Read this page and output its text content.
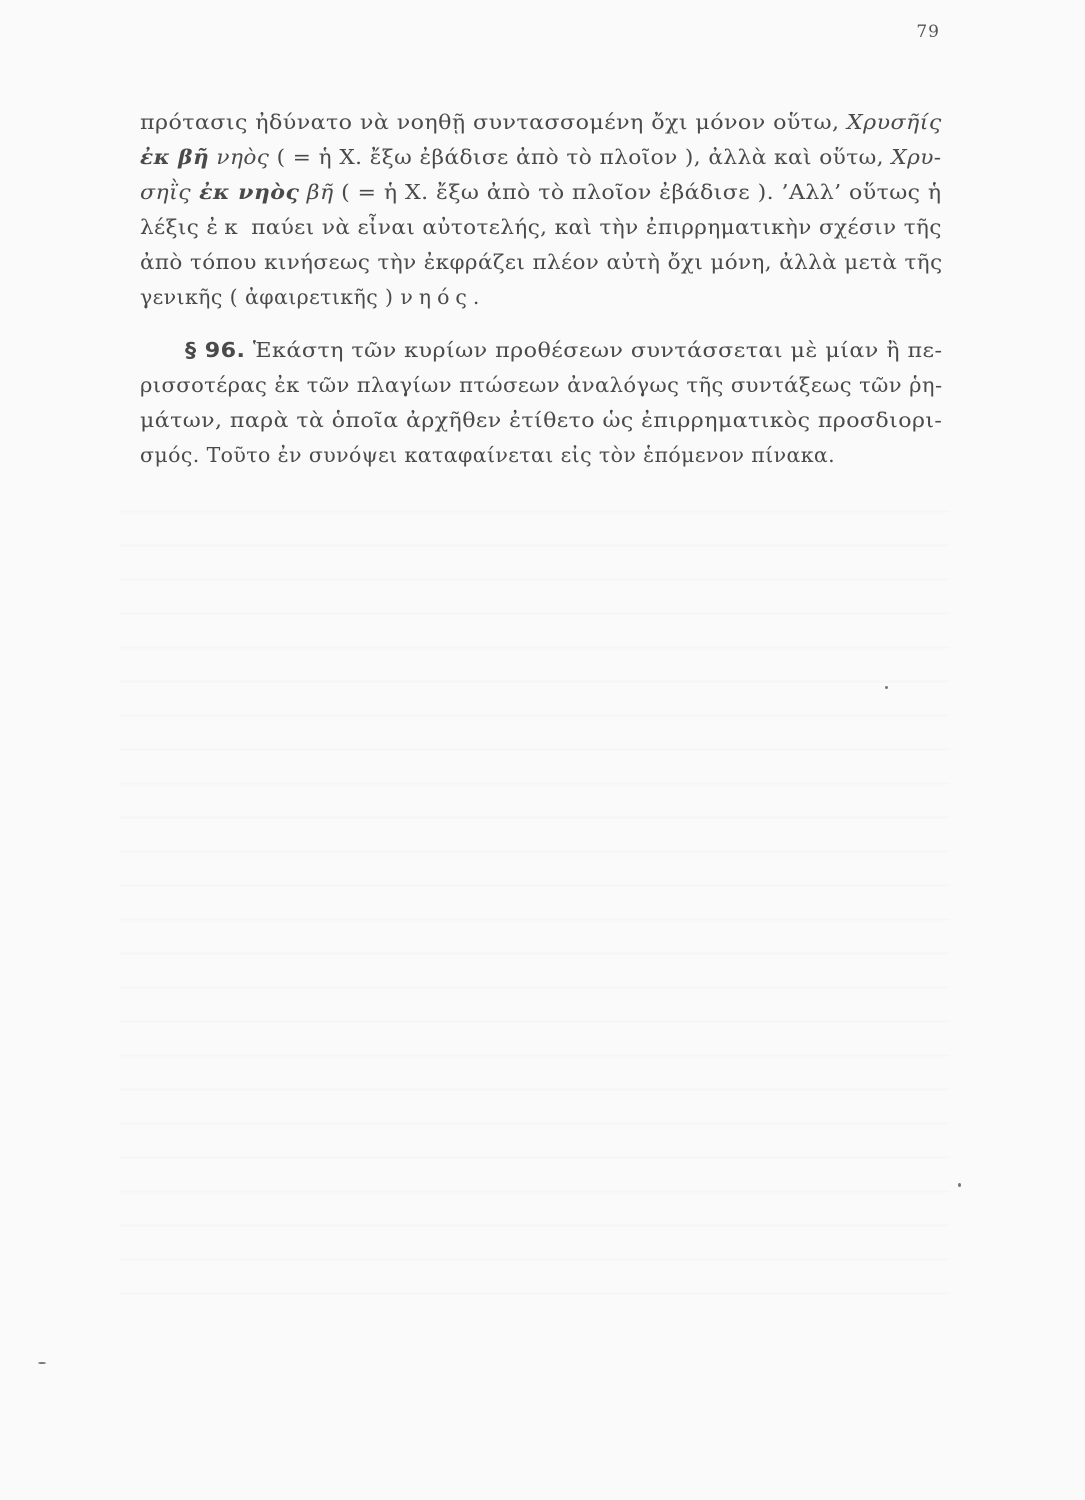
79
πρότασις ἠδύνατο νὰ νοηθῇ συντασσομένη ὄχι μόνον οὕτω, Χρυσῆίς
ἐκ βῆ νηὸς ( = ἡ Χ. ἔξω ἐβάδισε ἀπὸ τὸ πλοῖον ), ἀλλὰ καὶ οὕτω, Χρυ-
σηῒς ἐκ νηὸς βῆ ( = ἡ Χ. ἔξω ἀπὸ τὸ πλοῖον ἐβάδισε ). ’Αλλ’ οὕτως ἡ
λέξις ἐκ παύει νὰ εἶναι αὐτοτελής, καὶ τὴν ἐπιρρηματικὴν σχέσιν τῆς
ἀπὸ τόπου κινήσεως τὴν ἐκφράζει πλέον αὐτὴ ὄχι μόνη, ἀλλὰ μετὰ τῆς
γενικῆς ( ἀφαιρετικῆς ) νηός.
§ 96. Ἑκάστη τῶν κυρίων προθέσεων συντάσσεται μὲ μίαν ἢ πε-
ρισσοτέρας ἐκ τῶν πλαγίων πτώσεων ἀναλόγως τῆς συντάξεως τῶν ῥη-
μάτων, παρὰ τὰ ὁποῖα ἀρχῆθεν ἐτίθετο ὡς ἐπιρρηματικὸς προσδιορι-
σμός. Τοῦτο ἐν συνόψει καταφαίνεται εἰς τὸν ἑπόμενον πίνακα.
